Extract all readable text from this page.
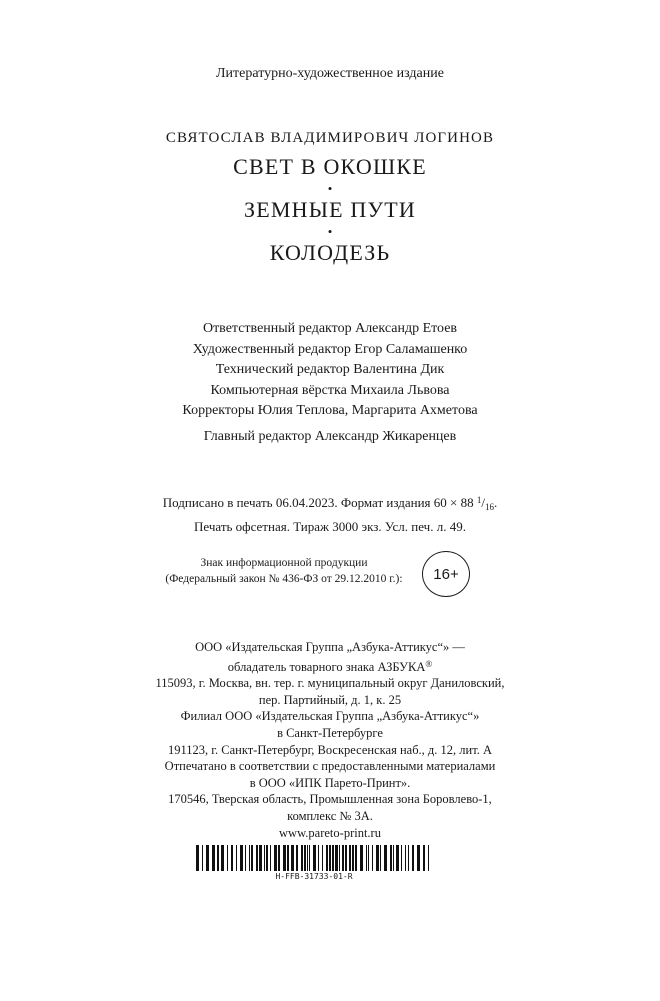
Литературно-художественное издание
СВЯТОСЛАВ ВЛАДИМИРОВИЧ ЛОГИНОВ
СВЕТ В ОКОШКЕ
•
ЗЕМНЫЕ ПУТИ
•
КОЛОДЕЗЬ
Ответственный редактор Александр Етоев
Художественный редактор Егор Саламашенко
Технический редактор Валентина Дик
Компьютерная вёрстка Михаила Львова
Корректоры Юлия Теплова, Маргарита Ахметова
Главный редактор Александр Жикаренцев
Подписано в печать 06.04.2023. Формат издания 60 × 88 $^1/_{16}$.
Печать офсетная. Тираж 3000 экз. Усл. печ. л. 49.
Знак информационной продукции
(Федеральный закон № 436-ФЗ от 29.12.2010 г.):	16+
ООО «Издательская Группа „Азбука-Аттикус“» —
обладатель товарного знака АЗБУКА®
115093, г. Москва, вн. тер. г. муниципальный округ Даниловский,
пер. Партийный, д. 1, к. 25
Филиал ООО «Издательская Группа „Азбука-Аттикус“»
в Санкт-Петербурге
191123, г. Санкт-Петербург, Воскресенская наб., д. 12, лит. А
Отпечатано в соответствии с предоставленными материалами
в ООО «ИПК Парето-Принт».
170546, Тверская область, Промышленная зона Боровлево-1,
комплекс № 3А.
www.pareto-print.ru
H-FFB-31733-01-R
